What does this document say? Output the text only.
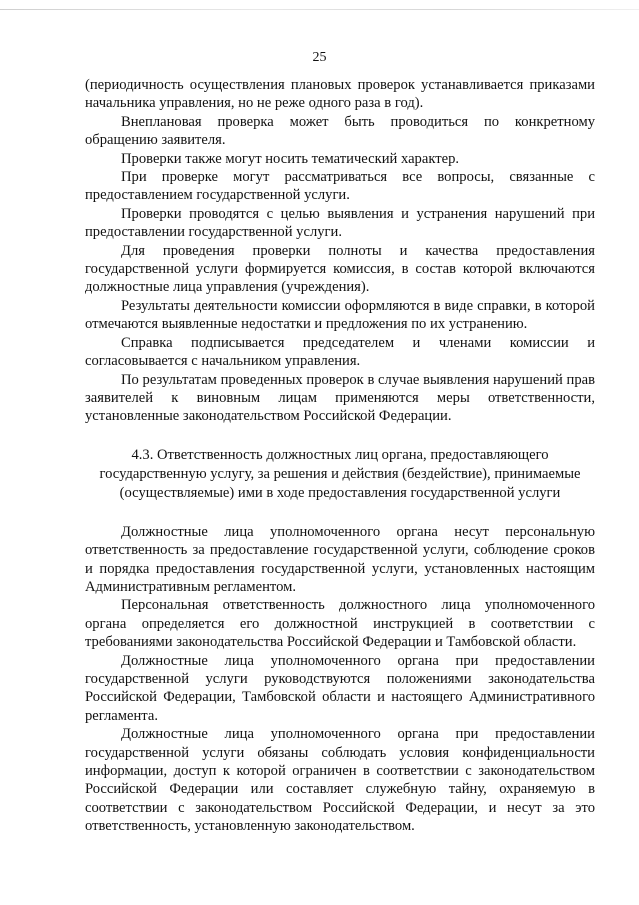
25

(периодичность осуществления плановых проверок устанавливается приказами начальника управления, но не реже одного раза в год).

Внеплановая проверка может быть проводиться по конкретному обращению заявителя.

Проверки также могут носить тематический характер.

При проверке могут рассматриваться все вопросы, связанные с предоставлением государственной услуги.

Проверки проводятся с целью выявления и устранения нарушений при предоставлении государственной услуги.

Для проведения проверки полноты и качества предоставления государственной услуги формируется комиссия, в состав которой включаются должностные лица управления (учреждения).

Результаты деятельности комиссии оформляются в виде справки, в которой отмечаются выявленные недостатки и предложения по их устранению.

Справка подписывается председателем и членами комиссии и согласовывается с начальником управления.

По результатам проведенных проверок в случае выявления нарушений прав заявителей к виновным лицам применяются меры ответственности, установленные законодательством Российской Федерации.

4.3. Ответственность должностных лиц органа, предоставляющего
государственную услугу, за решения и действия (бездействие), принимаемые
(осуществляемые) ими в ходе предоставления государственной услуги

Должностные лица уполномоченного органа несут персональную ответственность за предоставление государственной услуги, соблюдение сроков и порядка предоставления государственной услуги, установленных настоящим Административным регламентом.

Персональная ответственность должностного лица уполномоченного органа определяется его должностной инструкцией в соответствии с требованиями законодательства Российской Федерации и Тамбовской области.

Должностные лица уполномоченного органа при предоставлении государственной услуги руководствуются положениями законодательства Российской Федерации, Тамбовской области и настоящего Административного регламента.

Должностные лица уполномоченного органа при предоставлении государственной услуги обязаны соблюдать условия конфиденциальности информации, доступ к которой ограничен в соответствии с законодательством Российской Федерации или составляет служебную тайну, охраняемую в соответствии с законодательством Российской Федерации, и несут за это ответственность, установленную законодательством.
